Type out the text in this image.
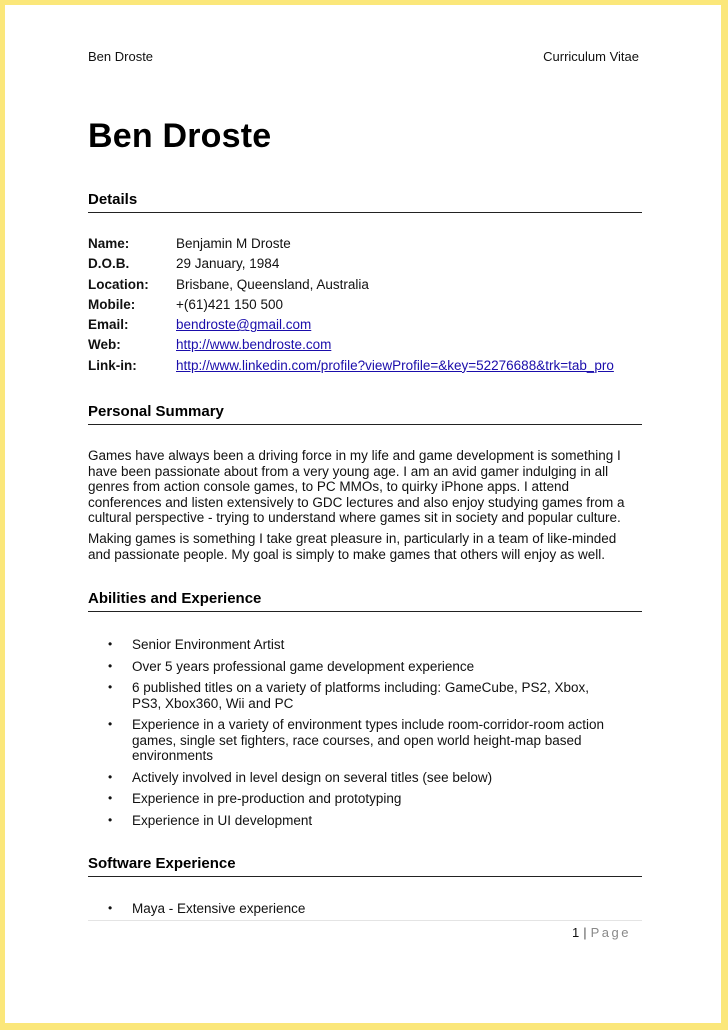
Ben Droste	Curriculum Vitae
Ben Droste
Details
Name:	Benjamin M Droste
D.O.B.	29 January, 1984
Location: Brisbane, Queensland, Australia
Mobile:	+(61)421 150 500
Email:	bendroste@gmail.com
Web:	http://www.bendroste.com
Link-in:	http://www.linkedin.com/profile?viewProfile=&key=52276688&trk=tab_pro
Personal Summary

Games have always been a driving force in my life and game development is something I have been passionate about from a very young age. I am an avid gamer indulging in all genres from action console games, to PC MMOs, to quirky iPhone apps. I attend conferences and listen extensively to GDC lectures and also enjoy studying games from a cultural perspective - trying to understand where games sit in society and popular culture.

Making games is something I take great pleasure in, particularly in a team of like-minded and passionate people. My goal is simply to make games that others will enjoy as well.

Abilities and Experience
• Senior Environment Artist
• Over 5 years professional game development experience
• 6 published titles on a variety of platforms including: GameCube, PS2, Xbox, PS3, Xbox360, Wii and PC
• Experience in a variety of environment types include room-corridor-room action games, single set fighters, race courses, and open world height-map based environments
• Actively involved in level design on several titles (see below)
• Experience in pre-production and prototyping
• Experience in UI development
Software Experience
• Maya - Extensive experience
1 | Page
